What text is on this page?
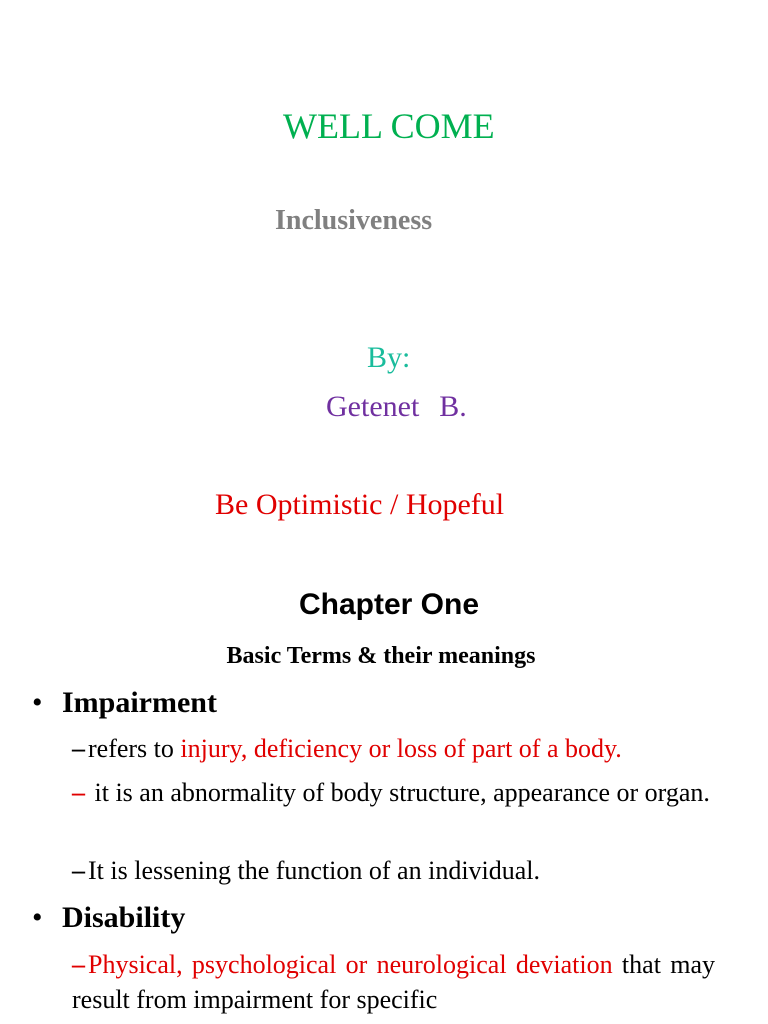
WELL COME
Inclusiveness
By:
Getenet B.
Be Optimistic / Hopeful
Chapter One
Basic Terms & their meanings
• Impairment
– refers to injury, deficiency or loss of part of a body.
– it is an abnormality of body structure, appearance or organ.
– It is lessening the function of an individual.
• Disability
– Physical, psychological or neurological deviation that may result from impairment for specific
